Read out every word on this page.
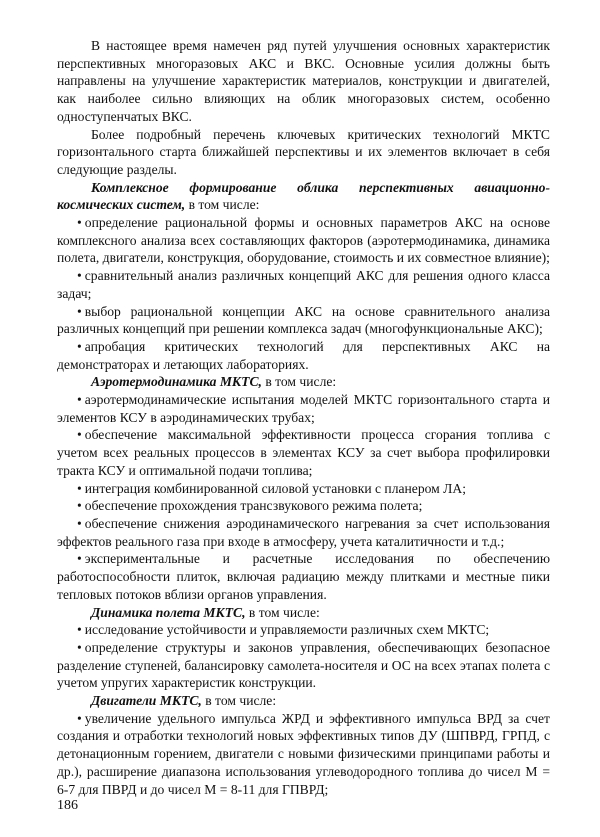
В настоящее время намечен ряд путей улучшения основных характеристик перспективных многоразовых АКС и ВКС. Основные усилия должны быть направлены на улучшение характеристик материалов, конструкции и двигателей, как наиболее сильно влияющих на облик многоразовых систем, особенно одноступенчатых ВКС.

Более подробный перечень ключевых критических технологий МКТС горизонтального старта ближайшей перспективы и их элементов включает в себя следующие разделы.

Комплексное формирование облика перспективных авиационно-космических систем, в том числе:

• определение рациональной формы и основных параметров АКС на основе комплексного анализа всех составляющих факторов (аэротермодинамика, динамика полета, двигатели, конструкция, оборудование, стоимость и их совместное влияние);

• сравнительный анализ различных концепций АКС для решения одного класса задач;

• выбор рациональной концепции АКС на основе сравнительного анализа различных концепций при решении комплекса задач (многофункциональные АКС);

• апробация критических технологий для перспективных АКС на демонстраторах и летающих лабораториях.

Аэротермодинамика МКТС, в том числе:

• аэротермодинамические испытания моделей МКТС горизонтального старта и элементов КСУ в аэродинамических трубах;

• обеспечение максимальной эффективности процесса сгорания топлива с учетом всех реальных процессов в элементах КСУ за счет выбора профилировки тракта КСУ и оптимальной подачи топлива;

• интеграция комбинированной силовой установки с планером ЛА;

• обеспечение прохождения трансзвукового режима полета;

• обеспечение снижения аэродинамического нагревания за счет использования эффектов реального газа при входе в атмосферу, учета каталитичности и т.д.;

• экспериментальные и расчетные исследования по обеспечению работоспособности плиток, включая радиацию между плитками и местные пики тепловых потоков вблизи органов управления.

Динамика полета МКТС, в том числе:

• исследование устойчивости и управляемости различных схем МКТС;

• определение структуры и законов управления, обеспечивающих безопасное разделение ступеней, балансировку самолета-носителя и ОС на всех этапах полета с учетом упругих характеристик конструкции.

Двигатели МКТС, в том числе:

• увеличение удельного импульса ЖРД и эффективного импульса ВРД за счет создания и отработки технологий новых эффективных типов ДУ (ШПВРД, ГРПД, с детонационным горением, двигатели с новыми физическими принципами работы и др.), расширение диапазона использования углеводородного топлива до чисел М = 6-7 для ПВРД и до чисел М = 8-11 для ГПВРД;

186
